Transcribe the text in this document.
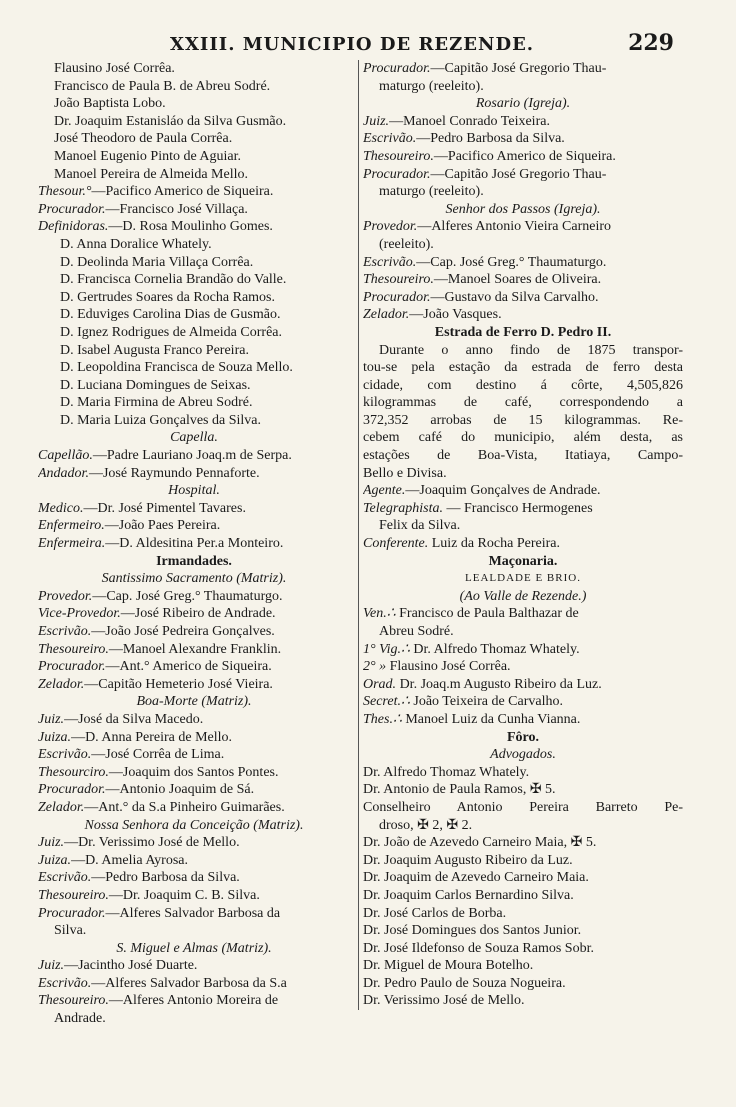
XXIII. MUNICIPIO DE REZENDE.	229
Flausino José Corrêa.
Francisco de Paula B. de Abreu Sodré.
João Baptista Lobo.
Dr. Joaquim Estanisláo da Silva Gusmão.
José Theodoro de Paula Corrêa.
Manoel Eugenio Pinto de Aguiar.
Manoel Pereira de Almeida Mello.
Thesour.°—Pacifico Americo de Siqueira.
Procurador.—Francisco José Villaça.
Definidoras.—D. Rosa Moulinho Gomes.
D. Anna Doralice Whately.
D. Deolinda Maria Villaça Corrêa.
D. Francisca Cornelia Brandão do Valle.
D. Gertrudes Soares da Rocha Ramos.
D. Eduviges Carolina Dias de Gusmão.
D. Ignez Rodrigues de Almeida Corrêa.
D. Isabel Augusta Franco Pereira.
D. Leopoldina Francisca de Souza Mello.
D. Luciana Domingues de Seixas.
D. Maria Firmina de Abreu Sodré.
D. Maria Luiza Gonçalves da Silva.
Capella.
Capellão.—Padre Lauriano Joaq.m de Serpa.
Andador.—José Raymundo Pennaforte.
Hospital.
Medico.—Dr. José Pimentel Tavares.
Enfermeiro.—João Paes Pereira.
Enfermeira.—D. Aldesitina Per.a Monteiro.
Irmandades.
Santissimo Sacramento (Matriz).
Provedor.—Cap. José Greg.° Thaumaturgo.
Vice-Provedor.—José Ribeiro de Andrade.
Escrivão.—João José Pedreira Gonçalves.
Thesoureiro.—Manoel Alexandre Franklin.
Procurador.—Ant.° Americo de Siqueira.
Zelador.—Capitão Hemeterio José Vieira.
Boa-Morte (Matriz).
Juiz.—José da Silva Macedo.
Juiza.—D. Anna Pereira de Mello.
Escrivão.—José Corrêa de Lima.
Thesourciro.—Joaquim dos Santos Pontes.
Procurador.—Antonio Joaquim de Sá.
Zelador.—Ant.° da S.a Pinheiro Guimarães.
Nossa Senhora da Conceição (Matriz).
Juiz.—Dr. Verissimo José de Mello.
Juiza.—D. Amelia Ayrosa.
Escrivão.—Pedro Barbosa da Silva.
Thesoureiro.—Dr. Joaquim C. B. Silva.
Procurador.—Alferes Salvador Barbosa da
Silva.
S. Miguel e Almas (Matriz).
Juiz.—Jacintho José Duarte.
Escrivão.—Alferes Salvador Barbosa da S.a
Thesoureiro.—Alferes Antonio Moreira de
Andrade.
Procurador.—Capitão José Gregorio Thau-
maturgo (reeleito).
Rosario (Igreja).
Juiz.—Manoel Conrado Teixeira.
Escrivão.—Pedro Barbosa da Silva.
Thesoureiro.—Pacifico Americo de Siqueira.
Procurador.—Capitão José Gregorio Thau-
maturgo (reeleito).
Senhor dos Passos (Igreja).
Provedor.—Alferes Antonio Vieira Carneiro
(reeleito).
Escrivão.—Cap. José Greg.° Thaumaturgo.
Thesoureiro.—Manoel Soares de Oliveira.
Procurador.—Gustavo da Silva Carvalho.
Zelador.—João Vasques.
Estrada de Ferro D. Pedro II.
Durante o anno findo de 1875 transpor-
tou-se pela estação da estrada de ferro desta
cidade, com destino á côrte, 4,505,826
kilogrammas de café, correspondendo a
372,352 arrobas de 15 kilogrammas. Re-
cebem café do municipio, além desta, as
estações de Boa-Vista, Itatiaya, Campo-
Bello e Divisa.
Agente.—Joaquim Gonçalves de Andrade.
Telegraphista. — Francisco Hermogenes
Felix da Silva.
Conferente. Luiz da Rocha Pereira.
Maçonaria.
LEALDADE E BRIO.
(Ao Valle de Rezende.)
Ven.∴ Francisco de Paula Balthazar de
Abreu Sodré.
1° Vig.∴ Dr. Alfredo Thomaz Whately.
2° » Flausino José Corrêa.
Orad. Dr. Joaq.m Augusto Ribeiro da Luz.
Secret.∴ João Teixeira de Carvalho.
Thes.∴ Manoel Luiz da Cunha Vianna.
Fôro.
Advogados.
Dr. Alfredo Thomaz Whately.
Dr. Antonio de Paula Ramos, ✠ 5.
Conselheiro Antonio Pereira Barreto Pe-
droso, ✠ 2, ✠ 2.
Dr. João de Azevedo Carneiro Maia, ✠ 5.
Dr. Joaquim Augusto Ribeiro da Luz.
Dr. Joaquim de Azevedo Carneiro Maia.
Dr. Joaquim Carlos Bernardino Silva.
Dr. José Carlos de Borba.
Dr. José Domingues dos Santos Junior.
Dr. José Ildefonso de Souza Ramos Sobr.
Dr. Miguel de Moura Botelho.
Dr. Pedro Paulo de Souza Nogueira.
Dr. Verissimo José de Mello.
